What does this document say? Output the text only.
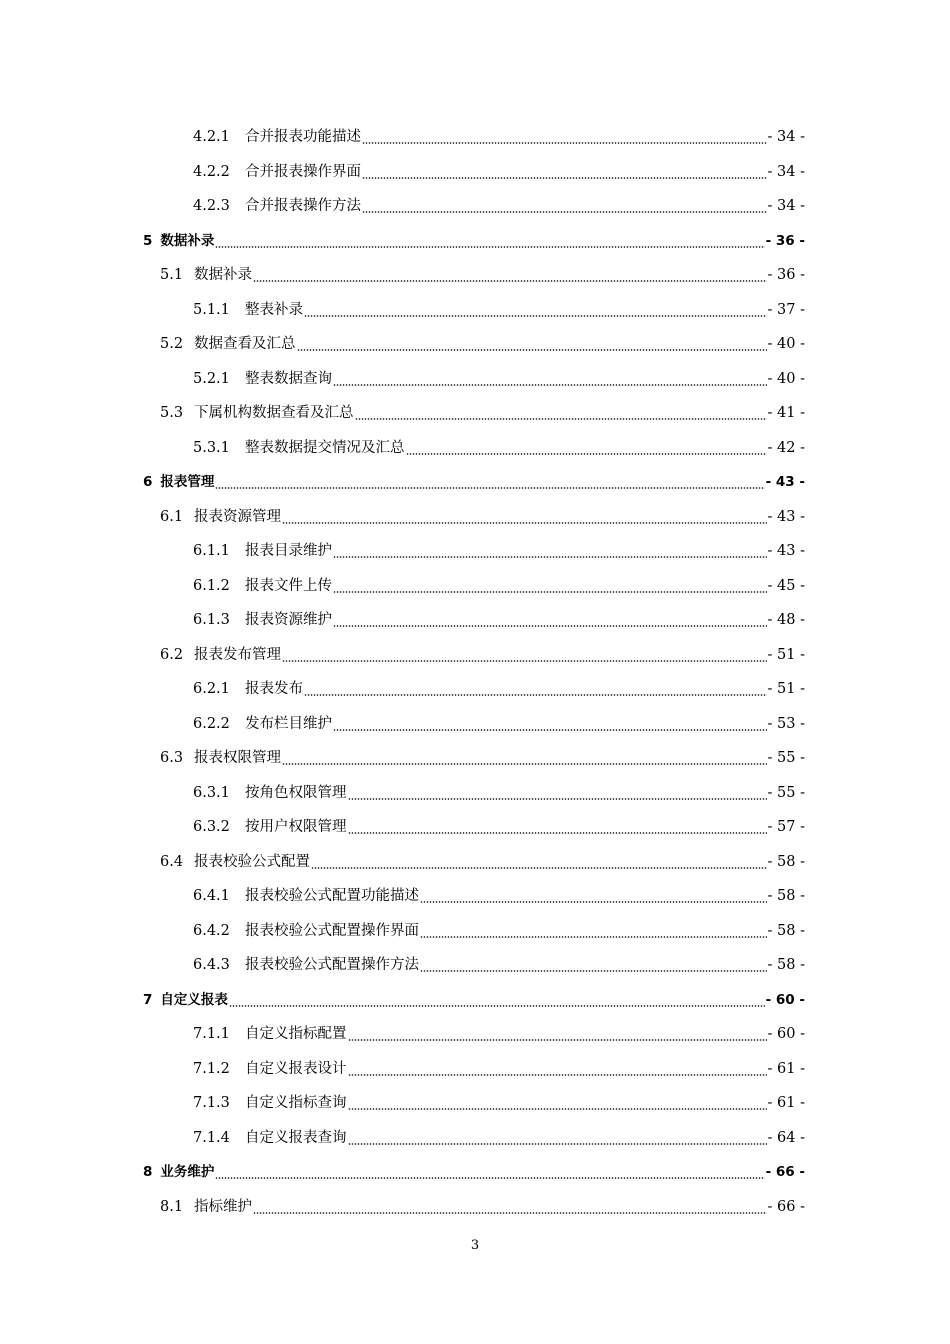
4.2.1	合并报表功能描述	- 34 -
4.2.2	合并报表操作界面	- 34 -
4.2.3	合并报表操作方法	- 34 -
5 数据补录	- 36 -
5.1 数据补录	- 36 -
5.1.1	整表补录	- 37 -
5.2 数据查看及汇总	- 40 -
5.2.1	整表数据查询	- 40 -
5.3 下属机构数据查看及汇总	- 41 -
5.3.1	整表数据提交情况及汇总	- 42 -
6 报表管理	- 43 -
6.1 报表资源管理	- 43 -
6.1.1	报表目录维护	- 43 -
6.1.2	报表文件上传	- 45 -
6.1.3	报表资源维护	- 48 -
6.2 报表发布管理	- 51 -
6.2.1	报表发布	- 51 -
6.2.2	发布栏目维护	- 53 -
6.3 报表权限管理	- 55 -
6.3.1	按角色权限管理	- 55 -
6.3.2	按用户权限管理	- 57 -
6.4 报表校验公式配置	- 58 -
6.4.1	报表校验公式配置功能描述	- 58 -
6.4.2	报表校验公式配置操作界面	- 58 -
6.4.3	报表校验公式配置操作方法	- 58 -
7 自定义报表	- 60 -
7.1.1	自定义指标配置	- 60 -
7.1.2	自定义报表设计	- 61 -
7.1.3	自定义指标查询	- 61 -
7.1.4	自定义报表查询	- 64 -
8 业务维护	- 66 -
8.1 指标维护	- 66 -
3
